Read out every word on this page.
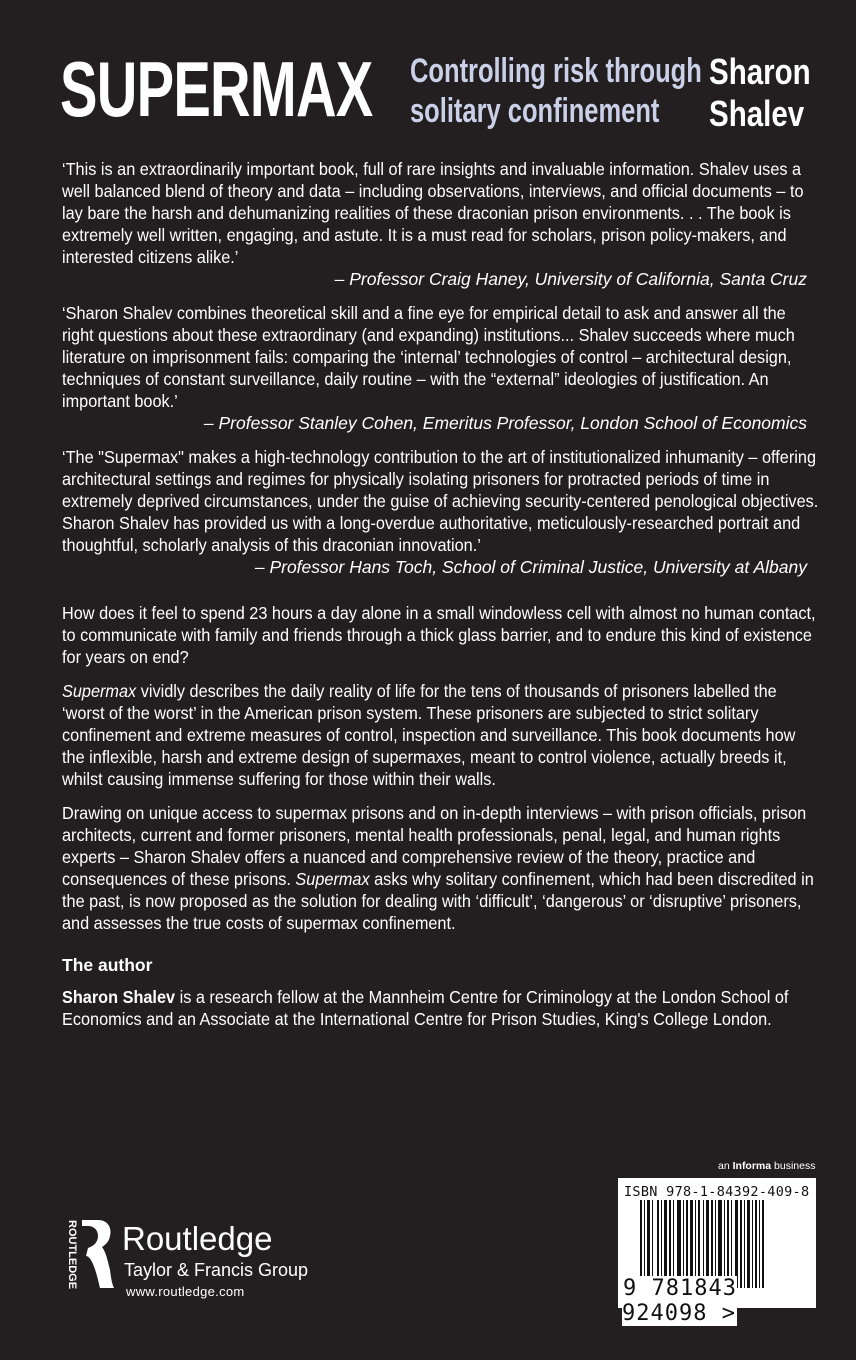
SUPERMAX Controlling risk through
solitary confinement
Sharon
Shalev
‘This is an extraordinarily important book, full of rare insights and invaluable information. Shalev uses a well balanced blend of theory and data – including observations, interviews, and official documents – to lay bare the harsh and dehumanizing realities of these draconian prison environments. . . The book is extremely well written, engaging, and astute. It is a must read for scholars, prison policy-makers, and interested citizens alike.’
– Professor Craig Haney, University of California, Santa Cruz
‘Sharon Shalev combines theoretical skill and a fine eye for empirical detail to ask and answer all the right questions about these extraordinary (and expanding) institutions... Shalev succeeds where much literature on imprisonment fails: comparing the ‘internal’ technologies of control – architectural design, techniques of constant surveillance, daily routine – with the “external” ideologies of justification. An important book.’
– Professor Stanley Cohen, Emeritus Professor, London School of Economics
‘The "Supermax" makes a high-technology contribution to the art of institutionalized inhumanity – offering architectural settings and regimes for physically isolating prisoners for protracted periods of time in extremely deprived circumstances, under the guise of achieving security-centered penological objectives. Sharon Shalev has provided us with a long-overdue authoritative, meticulously-researched portrait and thoughtful, scholarly analysis of this draconian innovation.’
– Professor Hans Toch, School of Criminal Justice, University at Albany
How does it feel to spend 23 hours a day alone in a small windowless cell with almost no human contact, to communicate with family and friends through a thick glass barrier, and to endure this kind of existence for years on end?
Supermax vividly describes the daily reality of life for the tens of thousands of prisoners labelled the ‘worst of the worst’ in the American prison system. These prisoners are subjected to strict solitary confinement and extreme measures of control, inspection and surveillance. This book documents how the inflexible, harsh and extreme design of supermaxes, meant to control violence, actually breeds it, whilst causing immense suffering for those within their walls.
Drawing on unique access to supermax prisons and on in-depth interviews – with prison officials, prison architects, current and former prisoners, mental health professionals, penal, legal, and human rights experts – Sharon Shalev offers a nuanced and comprehensive review of the theory, practice and consequences of these prisons. Supermax asks why solitary confinement, which had been discredited in the past, is now proposed as the solution for dealing with ‘difficult’, ‘dangerous’ or ‘disruptive’ prisoners, and assesses the true costs of supermax confinement.
The author
Sharon Shalev is a research fellow at the Mannheim Centre for Criminology at the London School of Economics and an Associate at the International Centre for Prison Studies, King's College London.
an Informa business
ISBN 978-1-84392-409-8
9 781843 924098 >
ROUTLEDGE Routledge
Taylor & Francis Group
www.routledge.com
